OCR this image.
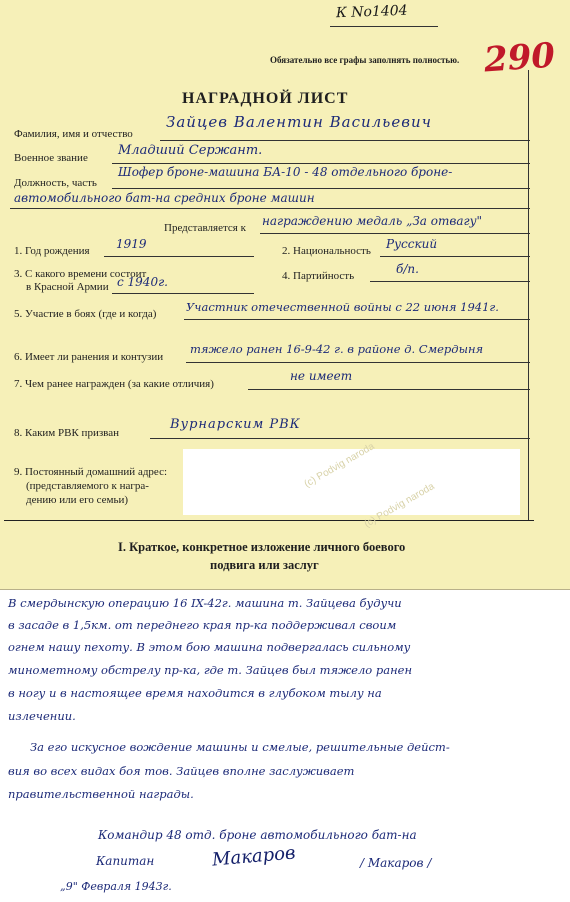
К No1404
Обязательно все графы заполнять полностью. 290
НАГРАДНОЙ ЛИСТ
Фамилия, имя и отчество
Зайцев Валентин Васильевич
Военное звание Младший Сержант.
Должность, часть
Шофер броне-машина БА-10 - 48 отдельного броне-
автомобильного бат-на средних броне машин
Представляется к награждению медаль „За отвагу"
1. Год рождения 1919	2. Национальность Русский
3. С какого времени состоит
в Красной Армии с 1940г.	4. Партийность	б/п.
5. Участие в боях (где и когда)	Участник отечественной войны с 22 июня 1941г.
6. Имеет ли ранения и контузии
тяжело ранен 16-9-42 г. в районе д. Смердыня
7. Чем ранее награжден (за какие отличия)
не имеет
8. Каким РВК призван
Вурнарским РВК
9. Постоянный домашний адрес:
(представляемого к награ-
дению или его семьи)
I. Краткое, конкретное изложение личного боевого
подвига или заслуг
(c) Podvig naroda
(c) Podvig naroda
В смердынскую операцию 16 IX-42г. машина т. Зайцева будучи
в засаде в 1,5км. от переднего края пр-ка поддерживал своим
огнем нашу пехоту. В этом бою машина подвергалась сильному
минометному обстрелу пр-ка, где т. Зайцев был тяжело ранен
в ногу и в настоящее время находится в глубоком тылу на
излечении.
За его искусное вождение машины и смелые, решительные дейст-
вия во всех видах боя тов. Зайцев вполне заслуживает
правительственной награды.
Командир 48 отд. броне автомобильного бат-на
Капитан	Макаров	/ Макаров /
„9" Февраля 1943г.
